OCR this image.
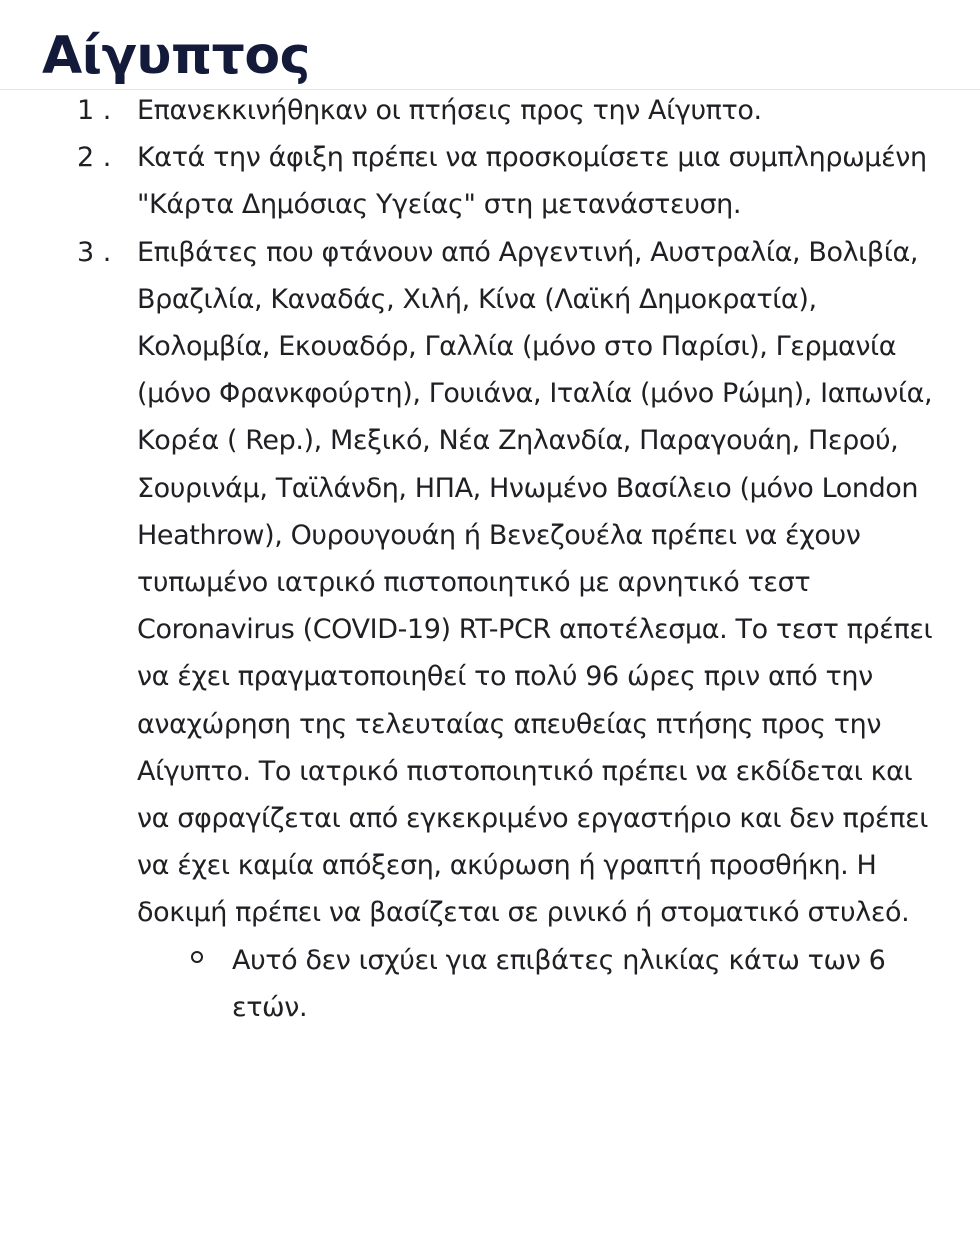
Αίγυπτος
1 . Επανεκκινήθηκαν οι πτήσεις προς την Αίγυπτο.
2 . Κατά την άφιξη πρέπει να προσκομίσετε μια συμπληρωμένη "Κάρτα Δημόσιας Υγείας" στη μετανάστευση.
3 . Επιβάτες που φτάνουν από Αργεντινή, Αυστραλία, Βολιβία, Βραζιλία, Καναδάς, Χιλή, Κίνα (Λαϊκή Δημοκρατία), Κολομβία, Εκουαδόρ, Γαλλία (μόνο στο Παρίσι), Γερμανία (μόνο Φρανκφούρτη), Γουιάνα, Ιταλία (μόνο Ρώμη), Ιαπωνία, Κορέα ( Rep.), Μεξικό, Νέα Ζηλανδία, Παραγουάη, Περού, Σουρινάμ, Ταϊλάνδη, ΗΠΑ, Ηνωμένο Βασίλειο (μόνο London Heathrow), Ουρουγουάη ή Βενεζουέλα πρέπει να έχουν τυπωμένο ιατρικό πιστοποιητικό με αρνητικό τεστ Coronavirus (COVID-19) RT-PCR αποτέλεσμα. Το τεστ πρέπει να έχει πραγματοποιηθεί το πολύ 96 ώρες πριν από την αναχώρηση της τελευταίας απευθείας πτήσης προς την Αίγυπτο. Το ιατρικό πιστοποιητικό πρέπει να εκδίδεται και να σφραγίζεται από εγκεκριμένο εργαστήριο και δεν πρέπει να έχει καμία απόξεση, ακύρωση ή γραπτή προσθήκη. Η δοκιμή πρέπει να βασίζεται σε ρινικό ή στοματικό στυλεό.
Αυτό δεν ισχύει για επιβάτες ηλικίας κάτω των 6 ετών.
